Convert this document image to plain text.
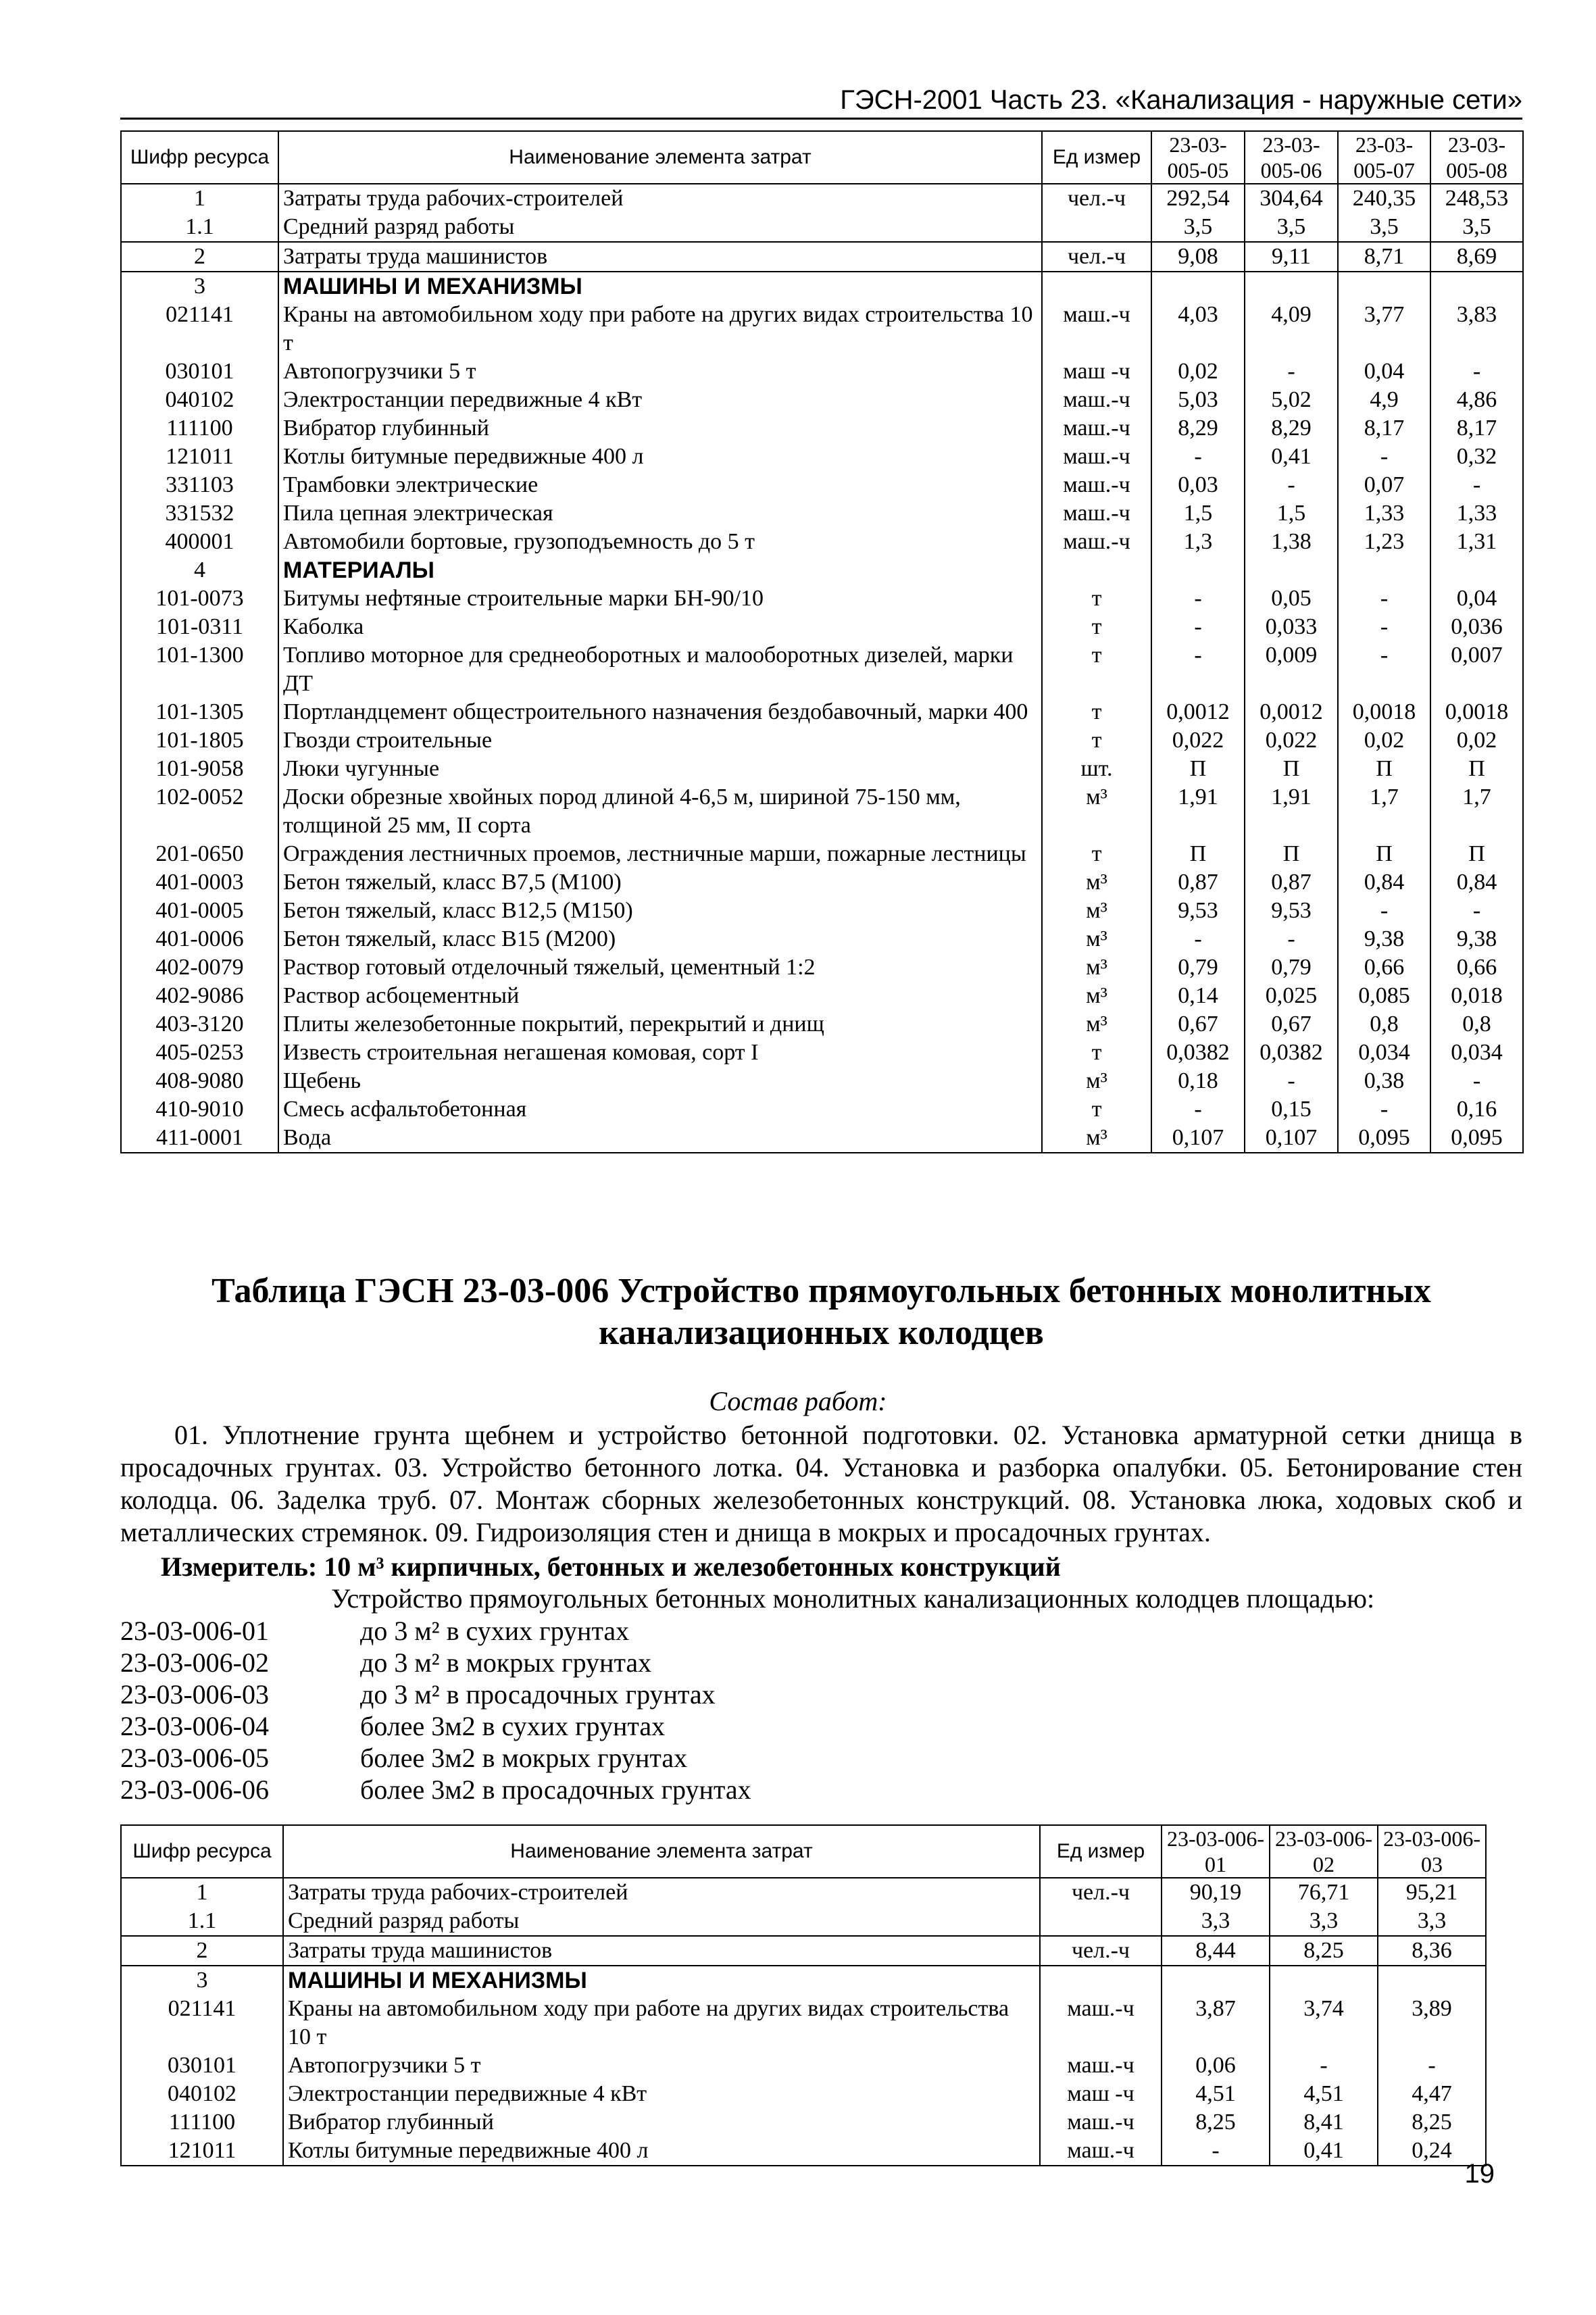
ГЭСН-2001 Часть 23. «Канализация - наружные сети»
Шифр ресурса	Наименование элемента затрат	Ед измер	23-03-005-05	23-03-005-06	23-03-005-07	23-03-005-08
1	Затраты труда рабочих-строителей	чел.-ч	292,54	304,64	240,35	248,53
1.1	Средний разряд работы		3,5	3,5	3,5	3,5
2	Затраты труда машинистов	чел.-ч	9,08	9,11	8,71	8,69
3	МАШИНЫ И МЕХАНИЗМЫ					
021141	Краны на автомобильном ходу при работе на других видах строительства 10 т	маш.-ч	4,03	4,09	3,77	3,83
030101	Автопогрузчики 5 т	маш -ч	0,02	-	0,04	-
040102	Электростанции передвижные 4 кВт	маш.-ч	5,03	5,02	4,9	4,86
111100	Вибратор глубинный	маш.-ч	8,29	8,29	8,17	8,17
121011	Котлы битумные передвижные 400 л	маш.-ч	-	0,41	-	0,32
331103	Трамбовки электрические	маш.-ч	0,03	-	0,07	-
331532	Пила цепная электрическая	маш.-ч	1,5	1,5	1,33	1,33
400001	Автомобили бортовые, грузоподъемность до 5 т	маш.-ч	1,3	1,38	1,23	1,31
4	МАТЕРИАЛЫ					
101-0073	Битумы нефтяные строительные марки БН-90/10	т	-	0,05	-	0,04
101-0311	Каболка	т	-	0,033	-	0,036
101-1300	Топливо моторное для среднеоборотных и малооборотных дизелей, марки ДТ	т	-	0,009	-	0,007
101-1305	Портландцемент общестроительного назначения бездобавочный, марки 400	т	0,0012	0,0012	0,0018	0,0018
101-1805	Гвозди строительные	т	0,022	0,022	0,02	0,02
101-9058	Люки чугунные	шт.	П	П	П	П
102-0052	Доски обрезные хвойных пород длиной 4-6,5 м, шириной 75-150 мм, толщиной 25 мм, II сорта	м³	1,91	1,91	1,7	1,7
201-0650	Ограждения лестничных проемов, лестничные марши, пожарные лестницы	т	П	П	П	П
401-0003	Бетон тяжелый, класс В7,5 (М100)	м³	0,87	0,87	0,84	0,84
401-0005	Бетон тяжелый, класс В12,5 (М150)	м³	9,53	9,53	-	-
401-0006	Бетон тяжелый, класс В15 (М200)	м³	-	-	9,38	9,38
402-0079	Раствор готовый отделочный тяжелый, цементный 1:2	м³	0,79	0,79	0,66	0,66
402-9086	Раствор асбоцементный	м³	0,14	0,025	0,085	0,018
403-3120	Плиты железобетонные покрытий, перекрытий и днищ	м³	0,67	0,67	0,8	0,8
405-0253	Известь строительная негашеная комовая, сорт I	т	0,0382	0,0382	0,034	0,034
408-9080	Щебень	м³	0,18	-	0,38	-
410-9010	Смесь асфальтобетонная	т	-	0,15	-	0,16
411-0001	Вода	м³	0,107	0,107	0,095	0,095
Таблица ГЭСН 23-03-006 Устройство прямоугольных бетонных монолитных канализационных колодцев
Состав работ:
01. Уплотнение грунта щебнем и устройство бетонной подготовки. 02. Установка арматурной сетки днища в просадочных грунтах. 03. Устройство бетонного лотка. 04. Установка и разборка опалубки. 05. Бетонирование стен колодца. 06. Заделка труб. 07. Монтаж сборных железобетонных конструкций. 08. Установка люка, ходовых скоб и металлических стремянок. 09. Гидроизоляция стен и днища в мокрых и просадочных грунтах.
Измеритель: 10 м³ кирпичных, бетонных и железобетонных конструкций
Устройство прямоугольных бетонных монолитных канализационных колодцев площадью:
23-03-006-01	до 3 м² в сухих грунтах
23-03-006-02	до 3 м² в мокрых грунтах
23-03-006-03	до 3 м² в просадочных грунтах
23-03-006-04	более 3м2 в сухих грунтах
23-03-006-05	более 3м2 в мокрых грунтах
23-03-006-06	более 3м2 в просадочных грунтах
Шифр ресурса	Наименование элемента затрат	Ед измер	23-03-006-01	23-03-006-02	23-03-006-03
1	Затраты труда рабочих-строителей	чел.-ч	90,19	76,71	95,21
1.1	Средний разряд работы		3,3	3,3	3,3
2	Затраты труда машинистов	чел.-ч	8,44	8,25	8,36
3	МАШИНЫ И МЕХАНИЗМЫ				
021141	Краны на автомобильном ходу при работе на других видах строительства 10 т	маш.-ч	3,87	3,74	3,89
030101	Автопогрузчики 5 т	маш.-ч	0,06	-	-
040102	Электростанции передвижные 4 кВт	маш -ч	4,51	4,51	4,47
111100	Вибратор глубинный	маш.-ч	8,25	8,41	8,25
121011	Котлы битумные передвижные 400 л	маш.-ч	-	0,41	0,24
19
